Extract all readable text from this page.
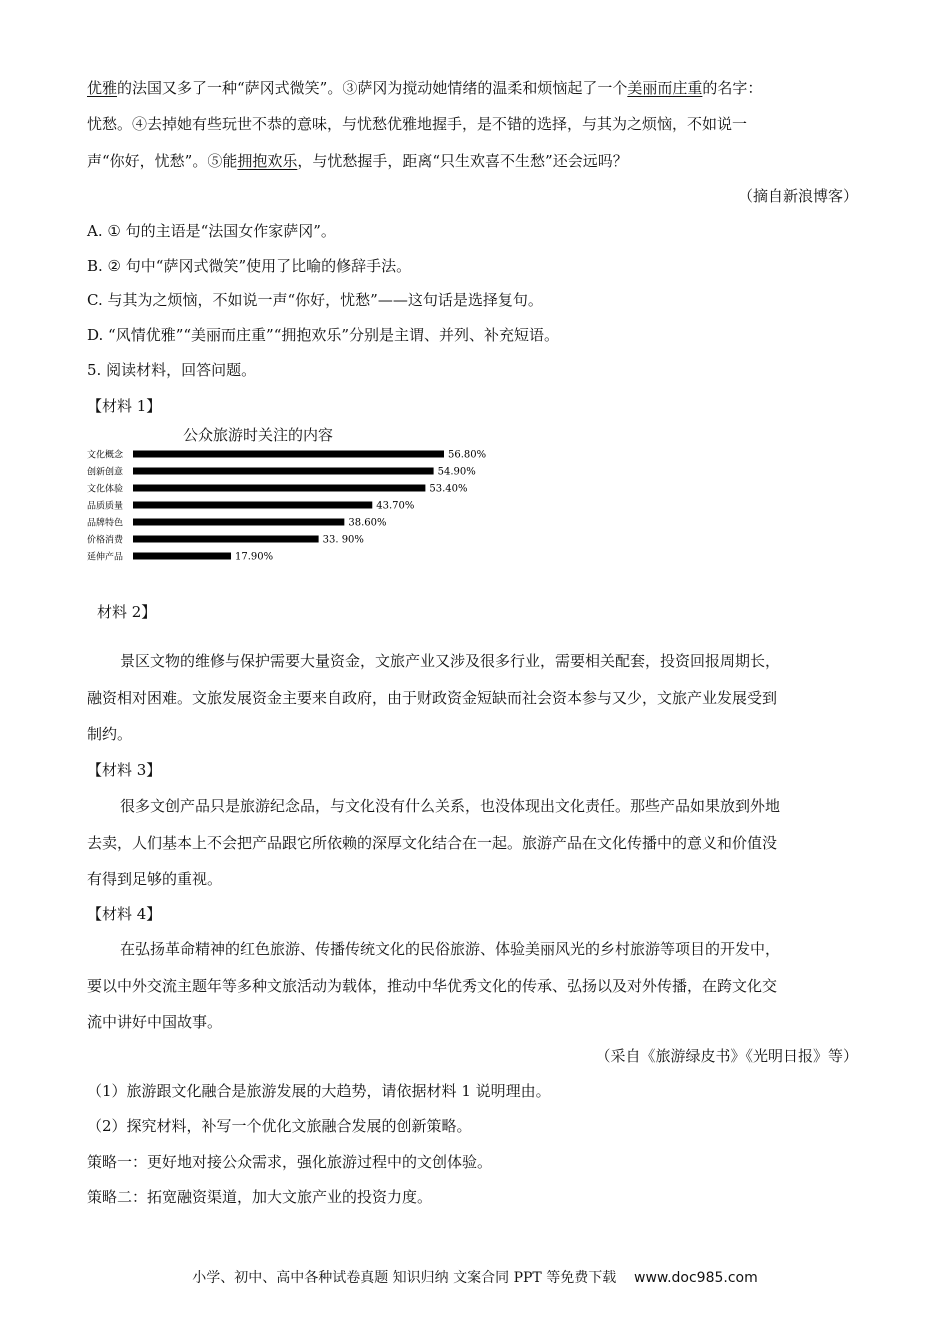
优雅的法国又多了一种“萨冈式微笑”。③萨冈为搅动她情绪的温柔和烦恼起了一个美丽而庄重的名字：
忧愁。④去掉她有些玩世不恭的意味，与忧愁优雅地握手，是不错的选择，与其为之烦恼，不如说一
声“你好，忧愁”。⑤能拥抱欢乐，与忧愁握手，距离“只生欢喜不生愁”还会远吗？
（摘自新浪博客）
A. ① 句的主语是“法国女作家萨冈”。
B. ② 句中“萨冈式微笑”使用了比喻的修辞手法。
C. 与其为之烦恼，不如说一声“你好，忧愁”——这句话是选择复句。
D. “风情优雅”“美丽而庄重”“拥抱欢乐”分别是主谓、并列、补充短语。
5. 阅读材料，回答问题。
【材料 1】
公众旅游时关注的内容
文化概念	56.80%
创新创意	54.90%
文化体验	53.40%
品质质量	43.70%
品牌特色	38.60%
价格消费	33. 90%
延伸产品	17.90%
材料 2】
景区文物的维修与保护需要大量资金，文旅产业又涉及很多行业，需要相关配套，投资回报周期长，
融资相对困难。文旅发展资金主要来自政府，由于财政资金短缺而社会资本参与又少，文旅产业发展受到
制约。
【材料 3】
很多文创产品只是旅游纪念品，与文化没有什么关系，也没体现出文化责任。那些产品如果放到外地
去卖，人们基本上不会把产品跟它所依赖的深厚文化结合在一起。旅游产品在文化传播中的意义和价值没
有得到足够的重视。
【材料 4】
在弘扬革命精神的红色旅游、传播传统文化的民俗旅游、体验美丽风光的乡村旅游等项目的开发中，
要以中外交流主题年等多种文旅活动为载体，推动中华优秀文化的传承、弘扬以及对外传播，在跨文化交
流中讲好中国故事。
（采自《旅游绿皮书》《光明日报》等）
（1）旅游跟文化融合是旅游发展的大趋势，请依据材料 1 说明理由。
（2）探究材料，补写一个优化文旅融合发展的创新策略。
策略一：更好地对接公众需求，强化旅游过程中的文创体验。
策略二：拓宽融资渠道，加大文旅产业的投资力度。
小学、初中、高中各种试卷真题 知识归纳 文案合同 PPT 等免费下载 www.doc985.com
